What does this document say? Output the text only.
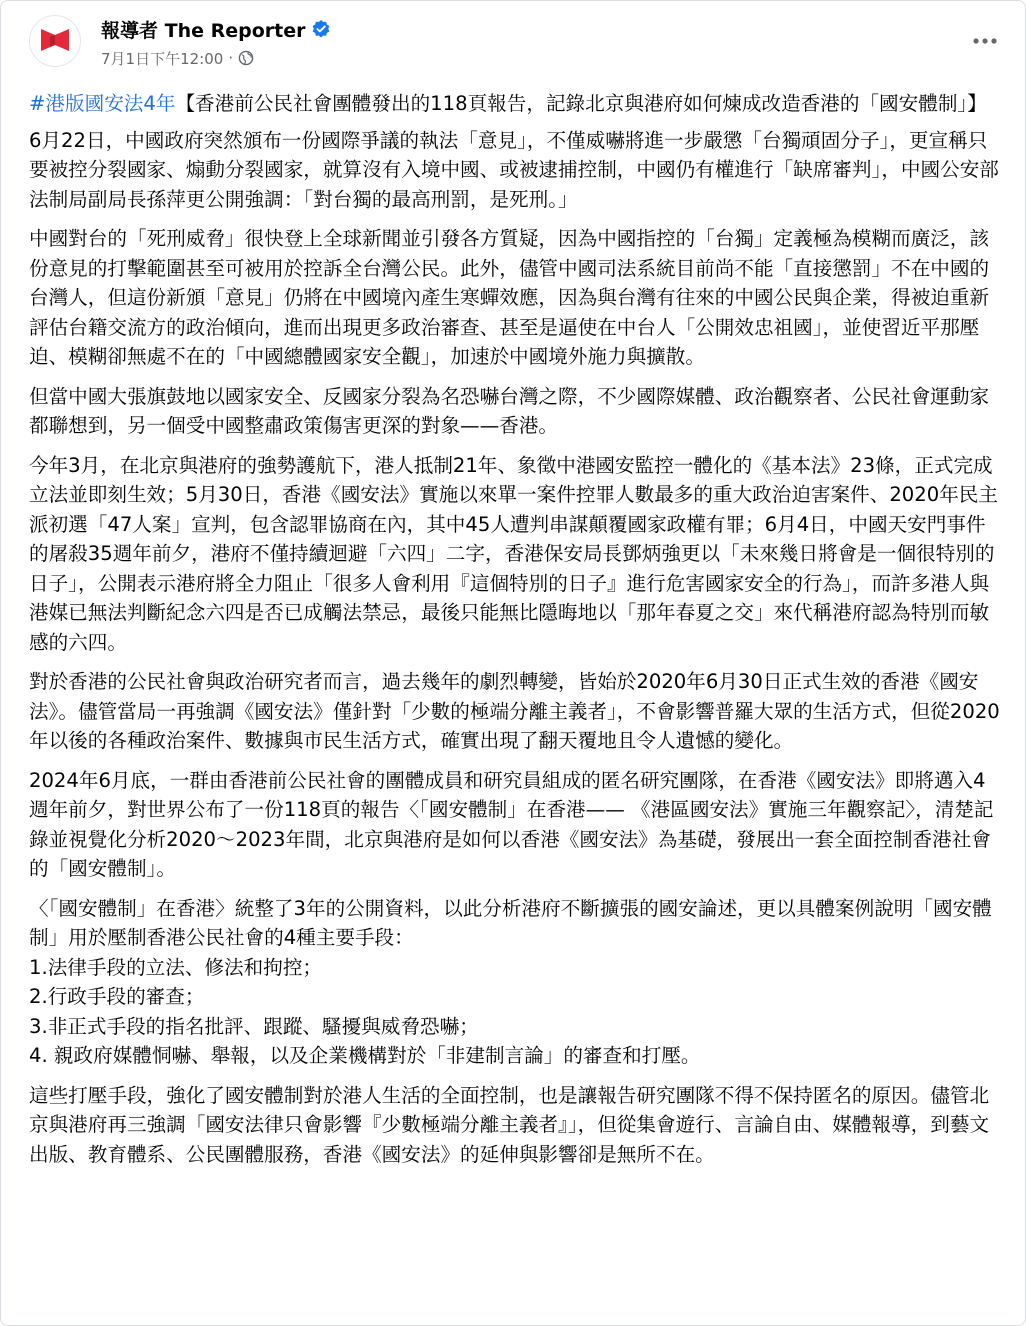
報導者 The Reporter
7月1日下午12:00 ·

#港版國安法4年【香港前公民社會團體發出的118頁報告，記錄北京與港府如何煉成改造香港的「國安體制」】

6月22日，中國政府突然頒布一份國際爭議的執法「意見」，不僅威嚇將進一步嚴懲「台獨頑固分子」，更宣稱只要被控分裂國家、煽動分裂國家，就算沒有入境中國、或被逮捕控制，中國仍有權進行「缺席審判」，中國公安部法制局副局長孫萍更公開強調：「對台獨的最高刑罰，是死刑。」

中國對台的「死刑威脅」很快登上全球新聞並引發各方質疑，因為中國指控的「台獨」定義極為模糊而廣泛，該份意見的打擊範圍甚至可被用於控訴全台灣公民。此外，儘管中國司法系統目前尚不能「直接懲罰」不在中國的台灣人，但這份新頒「意見」仍將在中國境內產生寒蟬效應，因為與台灣有往來的中國公民與企業，得被迫重新評估台籍交流方的政治傾向，進而出現更多政治審查、甚至是逼使在中台人「公開效忠祖國」，並使習近平那壓迫、模糊卻無處不在的「中國總體國家安全觀」，加速於中國境外施力與擴散。

但當中國大張旗鼓地以國家安全、反國家分裂為名恐嚇台灣之際，不少國際媒體、政治觀察者、公民社會運動家都聯想到，另一個受中國整肅政策傷害更深的對象——香港。

今年3月，在北京與港府的強勢護航下，港人抵制21年、象徵中港國安監控一體化的《基本法》23條，正式完成立法並即刻生效；5月30日，香港《國安法》實施以來單一案件控罪人數最多的重大政治迫害案件、2020年民主派初選「47人案」宣判，包含認罪協商在內，其中45人遭判串謀顛覆國家政權有罪；6月4日，中國天安門事件的屠殺35週年前夕，港府不僅持續迴避「六四」二字，香港保安局長鄧炳強更以「未來幾日將會是一個很特別的日子」，公開表示港府將全力阻止「很多人會利用『這個特別的日子』進行危害國家安全的行為」，而許多港人與港媒已無法判斷紀念六四是否已成觸法禁忌，最後只能無比隱晦地以「那年春夏之交」來代稱港府認為特別而敏感的六四。

對於香港的公民社會與政治研究者而言，過去幾年的劇烈轉變，皆始於2020年6月30日正式生效的香港《國安法》。儘管當局一再強調《國安法》僅針對「少數的極端分離主義者」，不會影響普羅大眾的生活方式，但從2020年以後的各種政治案件、數據與市民生活方式，確實出現了翻天覆地且令人遺憾的變化。

2024年6月底，一群由香港前公民社會的團體成員和研究員組成的匿名研究團隊，在香港《國安法》即將邁入4週年前夕，對世界公布了一份118頁的報告〈「國安體制」在香港—— 《港區國安法》實施三年觀察記〉，清楚記錄並視覺化分析2020～2023年間，北京與港府是如何以香港《國安法》為基礎，發展出一套全面控制香港社會的「國安體制」。

〈「國安體制」在香港〉統整了3年的公開資料，以此分析港府不斷擴張的國安論述，更以具體案例說明「國安體制」用於壓制香港公民社會的4種主要手段：
1.法律手段的立法、修法和拘控；
2.行政手段的審查；
3.非正式手段的指名批評、跟蹤、騷擾與威脅恐嚇；
4. 親政府媒體恫嚇、舉報，以及企業機構對於「非建制言論」的審查和打壓。

這些打壓手段，強化了國安體制對於港人生活的全面控制，也是讓報告研究團隊不得不保持匿名的原因。儘管北京與港府再三強調「國安法律只會影響『少數極端分離主義者』」，但從集會遊行、言論自由、媒體報導，到藝文出版、教育體系、公民團體服務，香港《國安法》的延伸與影響卻是無所不在。
